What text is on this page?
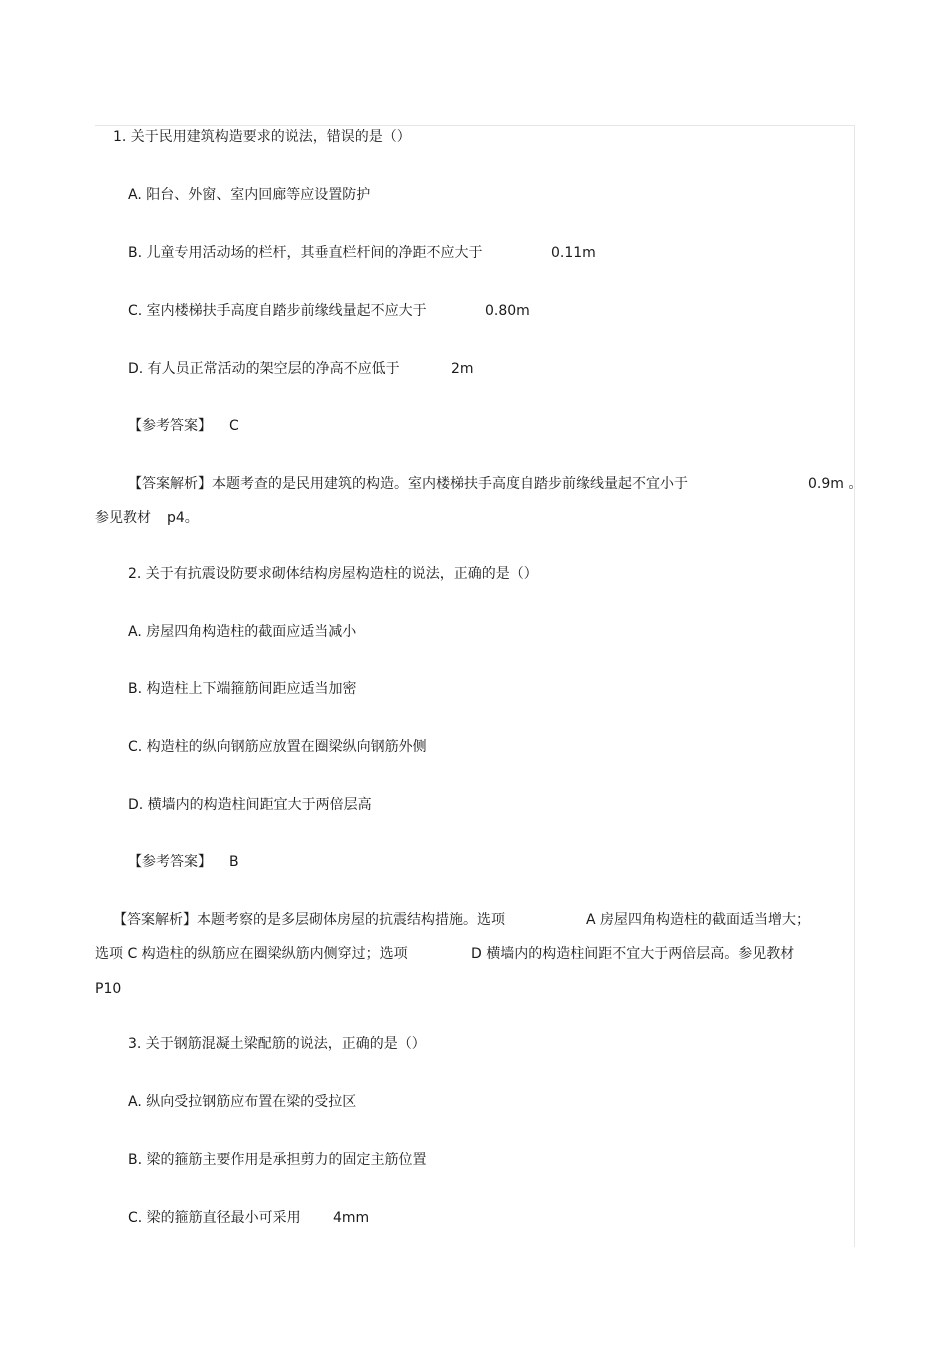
1. 关于民用建筑构造要求的说法，错误的是（）
A. 阳台、外窗、室内回廊等应设置防护
B. 儿童专用活动场的栏杆，其垂直栏杆间的净距不应大于	0.11m
C. 室内楼梯扶手高度自踏步前缘线量起不应大于	0.80m
D. 有人员正常活动的架空层的净高不应低于	2m
【参考答案】 C
【答案解析】本题考查的是民用建筑的构造。室内楼梯扶手高度自踏步前缘线量起不宜小于	0.9m 。
参见教材 p4。
2. 关于有抗震设防要求砌体结构房屋构造柱的说法，正确的是（）
A. 房屋四角构造柱的截面应适当减小
B. 构造柱上下端箍筋间距应适当加密
C. 构造柱的纵向钢筋应放置在圈梁纵向钢筋外侧
D. 横墙内的构造柱间距宜大于两倍层高
【参考答案】 B
【答案解析】本题考察的是多层砌体房屋的抗震结构措施。选项	A 房屋四角构造柱的截面适当增大；
选项 C 构造柱的纵筋应在圈梁纵筋内侧穿过；选项	D 横墙内的构造柱间距不宜大于两倍层高。参见教材
P10
3. 关于钢筋混凝土梁配筋的说法，正确的是（）
A. 纵向受拉钢筋应布置在梁的受拉区
B. 梁的箍筋主要作用是承担剪力的固定主筋位置
C. 梁的箍筋直径最小可采用 4mm
